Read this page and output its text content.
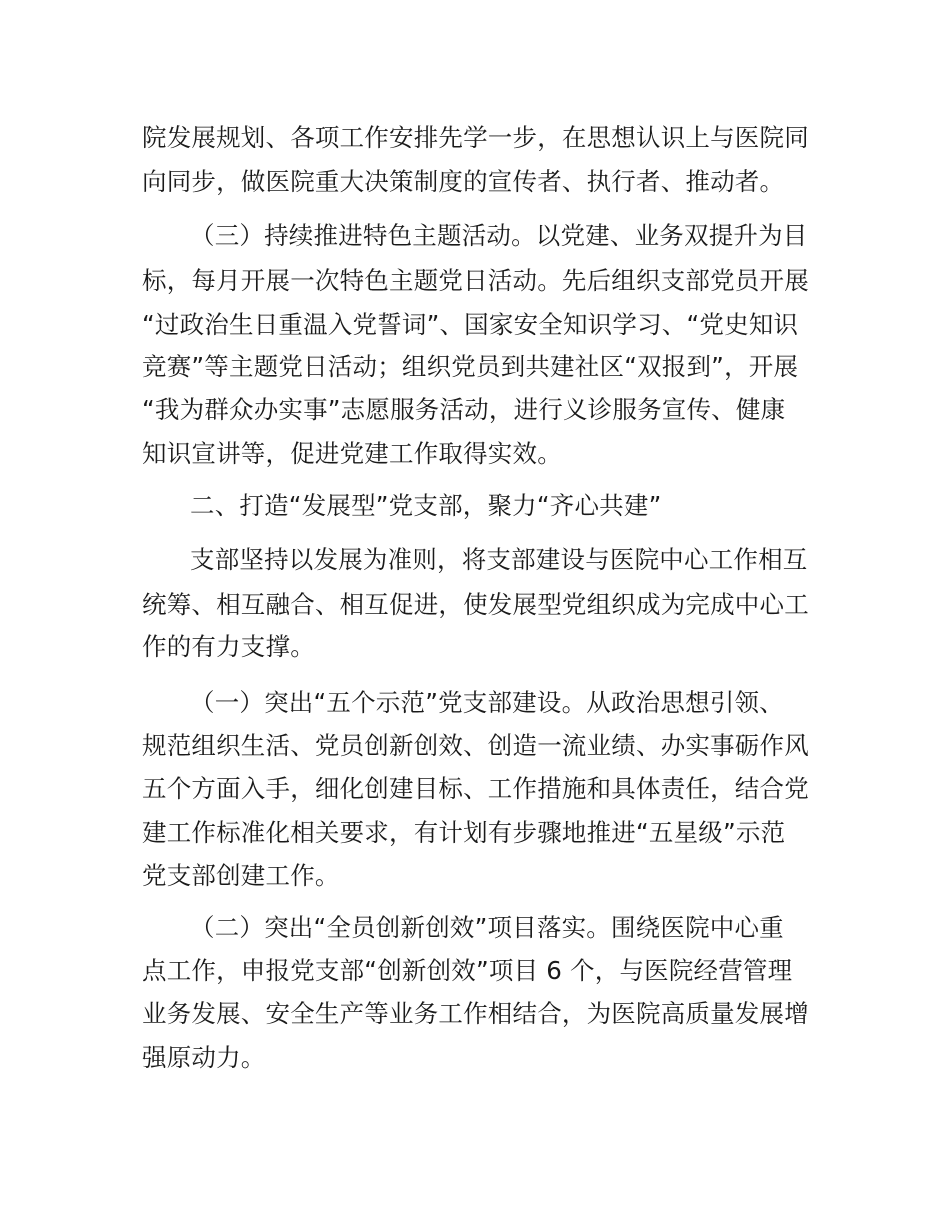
院发展规划、各项工作安排先学一步，在思想认识上与医院同
向同步，做医院重大决策制度的宣传者、执行者、推动者。
（三）持续推进特色主题活动。以党建、业务双提升为目
标，每月开展一次特色主题党日活动。先后组织支部党员开展
“过政治生日重温入党誓词”、国家安全知识学习、“党史知识
竞赛”等主题党日活动；组织党员到共建社区“双报到”，开展
“我为群众办实事”志愿服务活动，进行义诊服务宣传、健康
知识宣讲等，促进党建工作取得实效。
二、打造“发展型”党支部，聚力“齐心共建”
支部坚持以发展为准则，将支部建设与医院中心工作相互
统筹、相互融合、相互促进，使发展型党组织成为完成中心工
作的有力支撑。
（一）突出“五个示范”党支部建设。从政治思想引领、
规范组织生活、党员创新创效、创造一流业绩、办实事砺作风
五个方面入手，细化创建目标、工作措施和具体责任，结合党
建工作标准化相关要求，有计划有步骤地推进“五星级”示范
党支部创建工作。
（二）突出“全员创新创效”项目落实。围绕医院中心重
点工作，申报党支部“创新创效”项目 6 个，与医院经营管理
业务发展、安全生产等业务工作相结合，为医院高质量发展增
强原动力。
